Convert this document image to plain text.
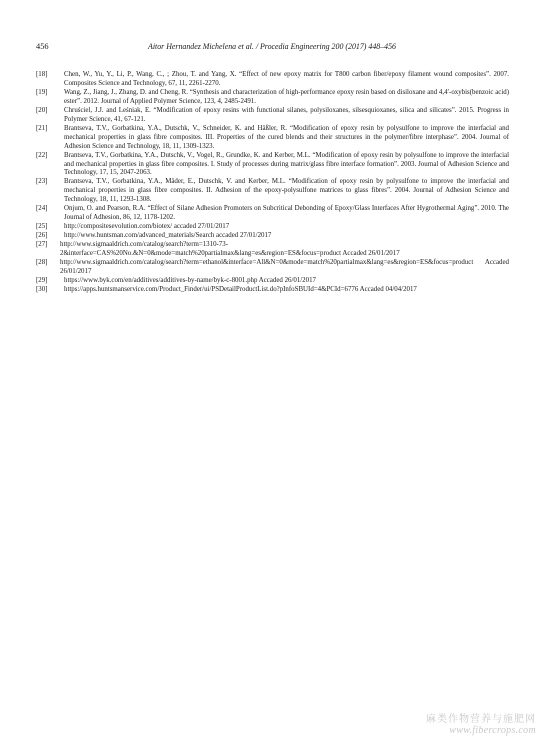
456	Aitor Hernandez Michelena et al. / Procedia Engineering 200 (2017) 448–456
[18] Chen, W., Yu, Y., Li, P., Wang, C., ; Zhou, T. and Yang, X. “Effect of new epoxy matrix for T800 carbon fiber/epoxy filament wound composites”. 2007. Composites Science and Technology, 67, 11, 2261-2270.
[19] Wang, Z., Jiang, J., Zhang, D. and Cheng, R. “Synthesis and characterization of high-performance epoxy resin based on disiloxane and 4,4′-oxybis(benzoic acid) ester”. 2012. Journal of Applied Polymer Science, 123, 4, 2485-2491.
[20] Chruściel, J.J. and Leśniak, E. “Modification of epoxy resins with functional silanes, polysiloxanes, silsesquioxanes, silica and silicates”. 2015. Progress in Polymer Science, 41, 67-121.
[21] Brantseva, T.V., Gorbatkina, Y.A., Dutschk, V., Schneider, K. and Häßler, R. “Modification of epoxy resin by polysulfone to improve the interfacial and mechanical properties in glass fibre composites. III. Properties of the cured blends and their structures in the polymer/fibre interphase”. 2004. Journal of Adhesion Science and Technology, 18, 11, 1309-1323.
[22] Brantseva, T.V., Gorbatkina, Y.A., Dutschk, V., Vogel, R., Grundke, K. and Kerber, M.L. “Modification of epoxy resin by polysulfone to improve the interfacial and mechanical properties in glass fibre composites. I. Study of processes during matrix/glass fibre interface formation”. 2003. Journal of Adhesion Science and Technology, 17, 15, 2047-2063.
[23] Brantseva, T.V., Gorbatkina, Y.A., Mäder, E., Dutschk, V. and Kerber, M.L. “Modification of epoxy resin by polysulfone to improve the interfacial and mechanical properties in glass fibre composites. II. Adhesion of the epoxy-polysulfone matrices to glass fibres”. 2004. Journal of Adhesion Science and Technology, 18, 11, 1293-1308.
[24] Onjum, O. and Pearson, R.A. “Effect of Silane Adhesion Promoters on Subcritical Debonding of Epoxy/Glass Interfaces After Hygrothermal Aging”. 2010. The Journal of Adhesion, 86, 12, 1178-1202.
[25] http://compositesevolution.com/biotex/ accaded 27/01/2017
[26] http://www.huntsman.com/advanced_materials/Search accaded 27/01/2017
[27] http://www.sigmaaldrich.com/catalog/search?term=1310-73-2&interface=CAS%20No.&N=0&mode=match%20partialmax&lang=es&region=ES&focus=product Accaded 26/01/2017
[28] http://www.sigmaaldrich.com/catalog/search?term=ethanol&interface=All&N=0&mode=match%20partialmax&lang=es&region=ES&focus=product Accaded 26/01/2017
[29] https://www.byk.com/en/additives/additives-by-name/byk-c-8001.php Accaded 26/01/2017
[30] https://apps.huntsmanservice.com/Product_Finder/ui/PSDetailProductList.do?pInfoSBUId=4&PCId=6776 Accaded 04/04/2017
麻类作物营养与施肥网
www.fibercrops.com
